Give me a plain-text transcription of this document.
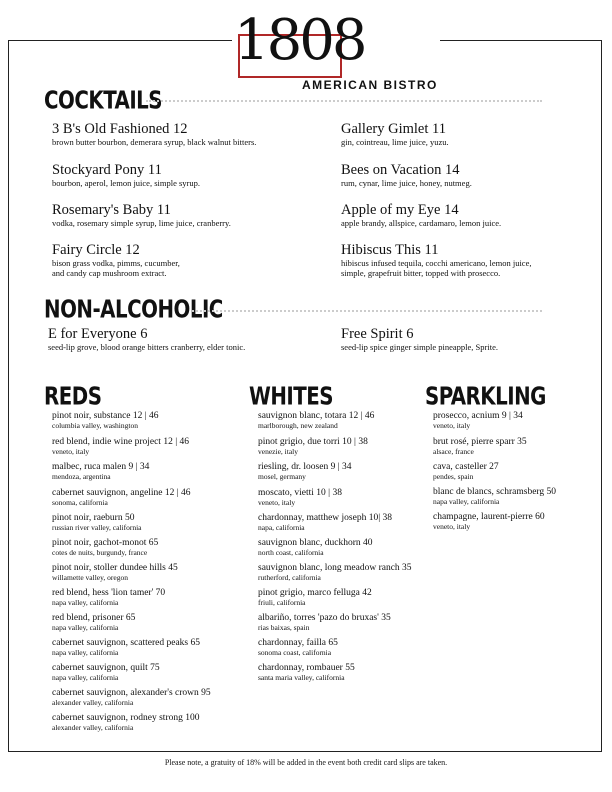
1808
AMERICAN BISTRO
COCKTAILS
3 B's Old Fashioned 12
brown butter bourbon, demerara syrup, black walnut bitters.
Stockyard Pony 11
bourbon, aperol, lemon juice, simple syrup.
Rosemary's Baby 11
vodka, rosemary simple syrup, lime juice, cranberry.
Fairy Circle 12
bison grass vodka, pimms, cucumber,
and candy cap mushroom extract.
Gallery Gimlet 11
gin, cointreau, lime juice, yuzu.
Bees on Vacation 14
rum, cynar, lime juice, honey, nutmeg.
Apple of my Eye 14
apple brandy, allspice, cardamaro, lemon juice.
Hibiscus This 11
hibiscus infused tequila, cocchi americano, lemon juice,
simple, grapefruit bitter, topped with prosecco.
NON-ALCOHOLIC
E for Everyone 6
seed-lip grove, blood orange bitters cranberry, elder tonic.
Free Spirit 6
seed-lip spice ginger simple pineapple, Sprite.
REDS	WHITES	SPARKLING
pinot noir, substance 12 | 46
columbia valley, washington
red blend, indie wine project 12 | 46
veneto, italy
malbec, ruca malen 9 | 34
mendoza, argentina
cabernet sauvignon, angeline 12 | 46
sonoma, california
pinot noir, raeburn 50
russian river valley, california
pinot noir, gachot-monot 65
cotes de nuits, burgundy, france
pinot noir, stoller dundee hills 45
willamette valley, oregon
red blend, hess 'lion tamer' 70
napa valley, california
red blend, prisoner 65
napa valley, california
cabernet sauvignon, scattered peaks 65
napa valley, california
cabernet sauvignon, quilt 75
napa valley, california
cabernet sauvignon, alexander's crown 95
alexander valley, california
cabernet sauvignon, rodney strong 100
alexander valley, california
sauvignon blanc, totara 12 | 46
marlborough, new zealand
pinot grigio, due torri 10 | 38
venezie, italy
riesling, dr. loosen 9 | 34
mosel, germany
moscato, vietti 10 | 38
veneto, italy
chardonnay, matthew joseph 10| 38
napa, california
sauvignon blanc, duckhorn 40
north coast, california
sauvignon blanc, long meadow ranch 35
rutherford, california
pinot grigio, marco felluga 42
friuli, california
albariño, torres 'pazo do bruxas' 35
rias baixas, spain
chardonnay, failla 65
sonoma coast, california
chardonnay, rombauer 55
santa maria valley, california
prosecco, acnium 9 | 34
veneto, italy
brut rosé, pierre sparr 35
alsace, france
cava, casteller 27
pendes, spain
blanc de blancs, schramsberg 50
napa valley, california
champagne, laurent-pierre 60
veneto, italy
Please note, a gratuity of 18% will be added in the event both credit card slips are taken.
